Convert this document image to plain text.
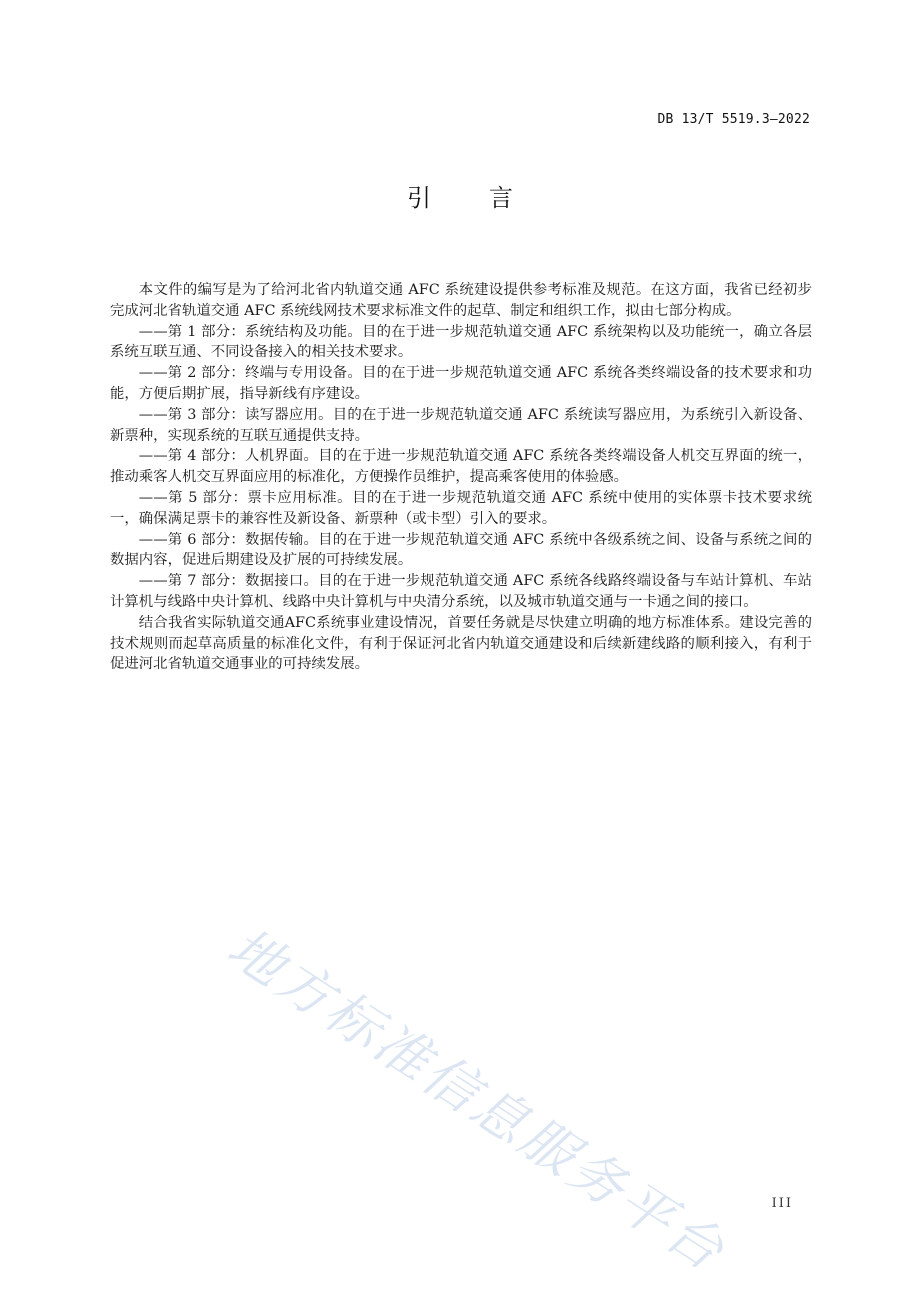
DB 13/T 5519.3—2022
引言

本文件的编写是为了给河北省内轨道交通 AFC 系统建设提供参考标准及规范。在这方面，我省已经初步完成河北省轨道交通 AFC 系统线网技术要求标准文件的起草、制定和组织工作，拟由七部分构成。

——第 1 部分：系统结构及功能。目的在于进一步规范轨道交通 AFC 系统架构以及功能统一，确立各层系统互联互通、不同设备接入的相关技术要求。

——第 2 部分：终端与专用设备。目的在于进一步规范轨道交通 AFC 系统各类终端设备的技术要求和功能，方便后期扩展，指导新线有序建设。

——第 3 部分：读写器应用。目的在于进一步规范轨道交通 AFC 系统读写器应用，为系统引入新设备、新票种，实现系统的互联互通提供支持。

——第 4 部分：人机界面。目的在于进一步规范轨道交通 AFC 系统各类终端设备人机交互界面的统一，推动乘客人机交互界面应用的标准化，方便操作员维护，提高乘客使用的体验感。

——第 5 部分：票卡应用标准。目的在于进一步规范轨道交通 AFC 系统中使用的实体票卡技术要求统一，确保满足票卡的兼容性及新设备、新票种（或卡型）引入的要求。

——第 6 部分：数据传输。目的在于进一步规范轨道交通 AFC 系统中各级系统之间、设备与系统之间的数据内容，促进后期建设及扩展的可持续发展。

——第 7 部分：数据接口。目的在于进一步规范轨道交通 AFC 系统各线路终端设备与车站计算机、车站计算机与线路中央计算机、线路中央计算机与中央清分系统，以及城市轨道交通与一卡通之间的接口。

结合我省实际轨道交通AFC系统事业建设情况，首要任务就是尽快建立明确的地方标准体系。建设完善的技术规则而起草高质量的标准化文件，有利于保证河北省内轨道交通建设和后续新建线路的顺利接入，有利于促进河北省轨道交通事业的可持续发展。

地方标准信息服务平台	III
